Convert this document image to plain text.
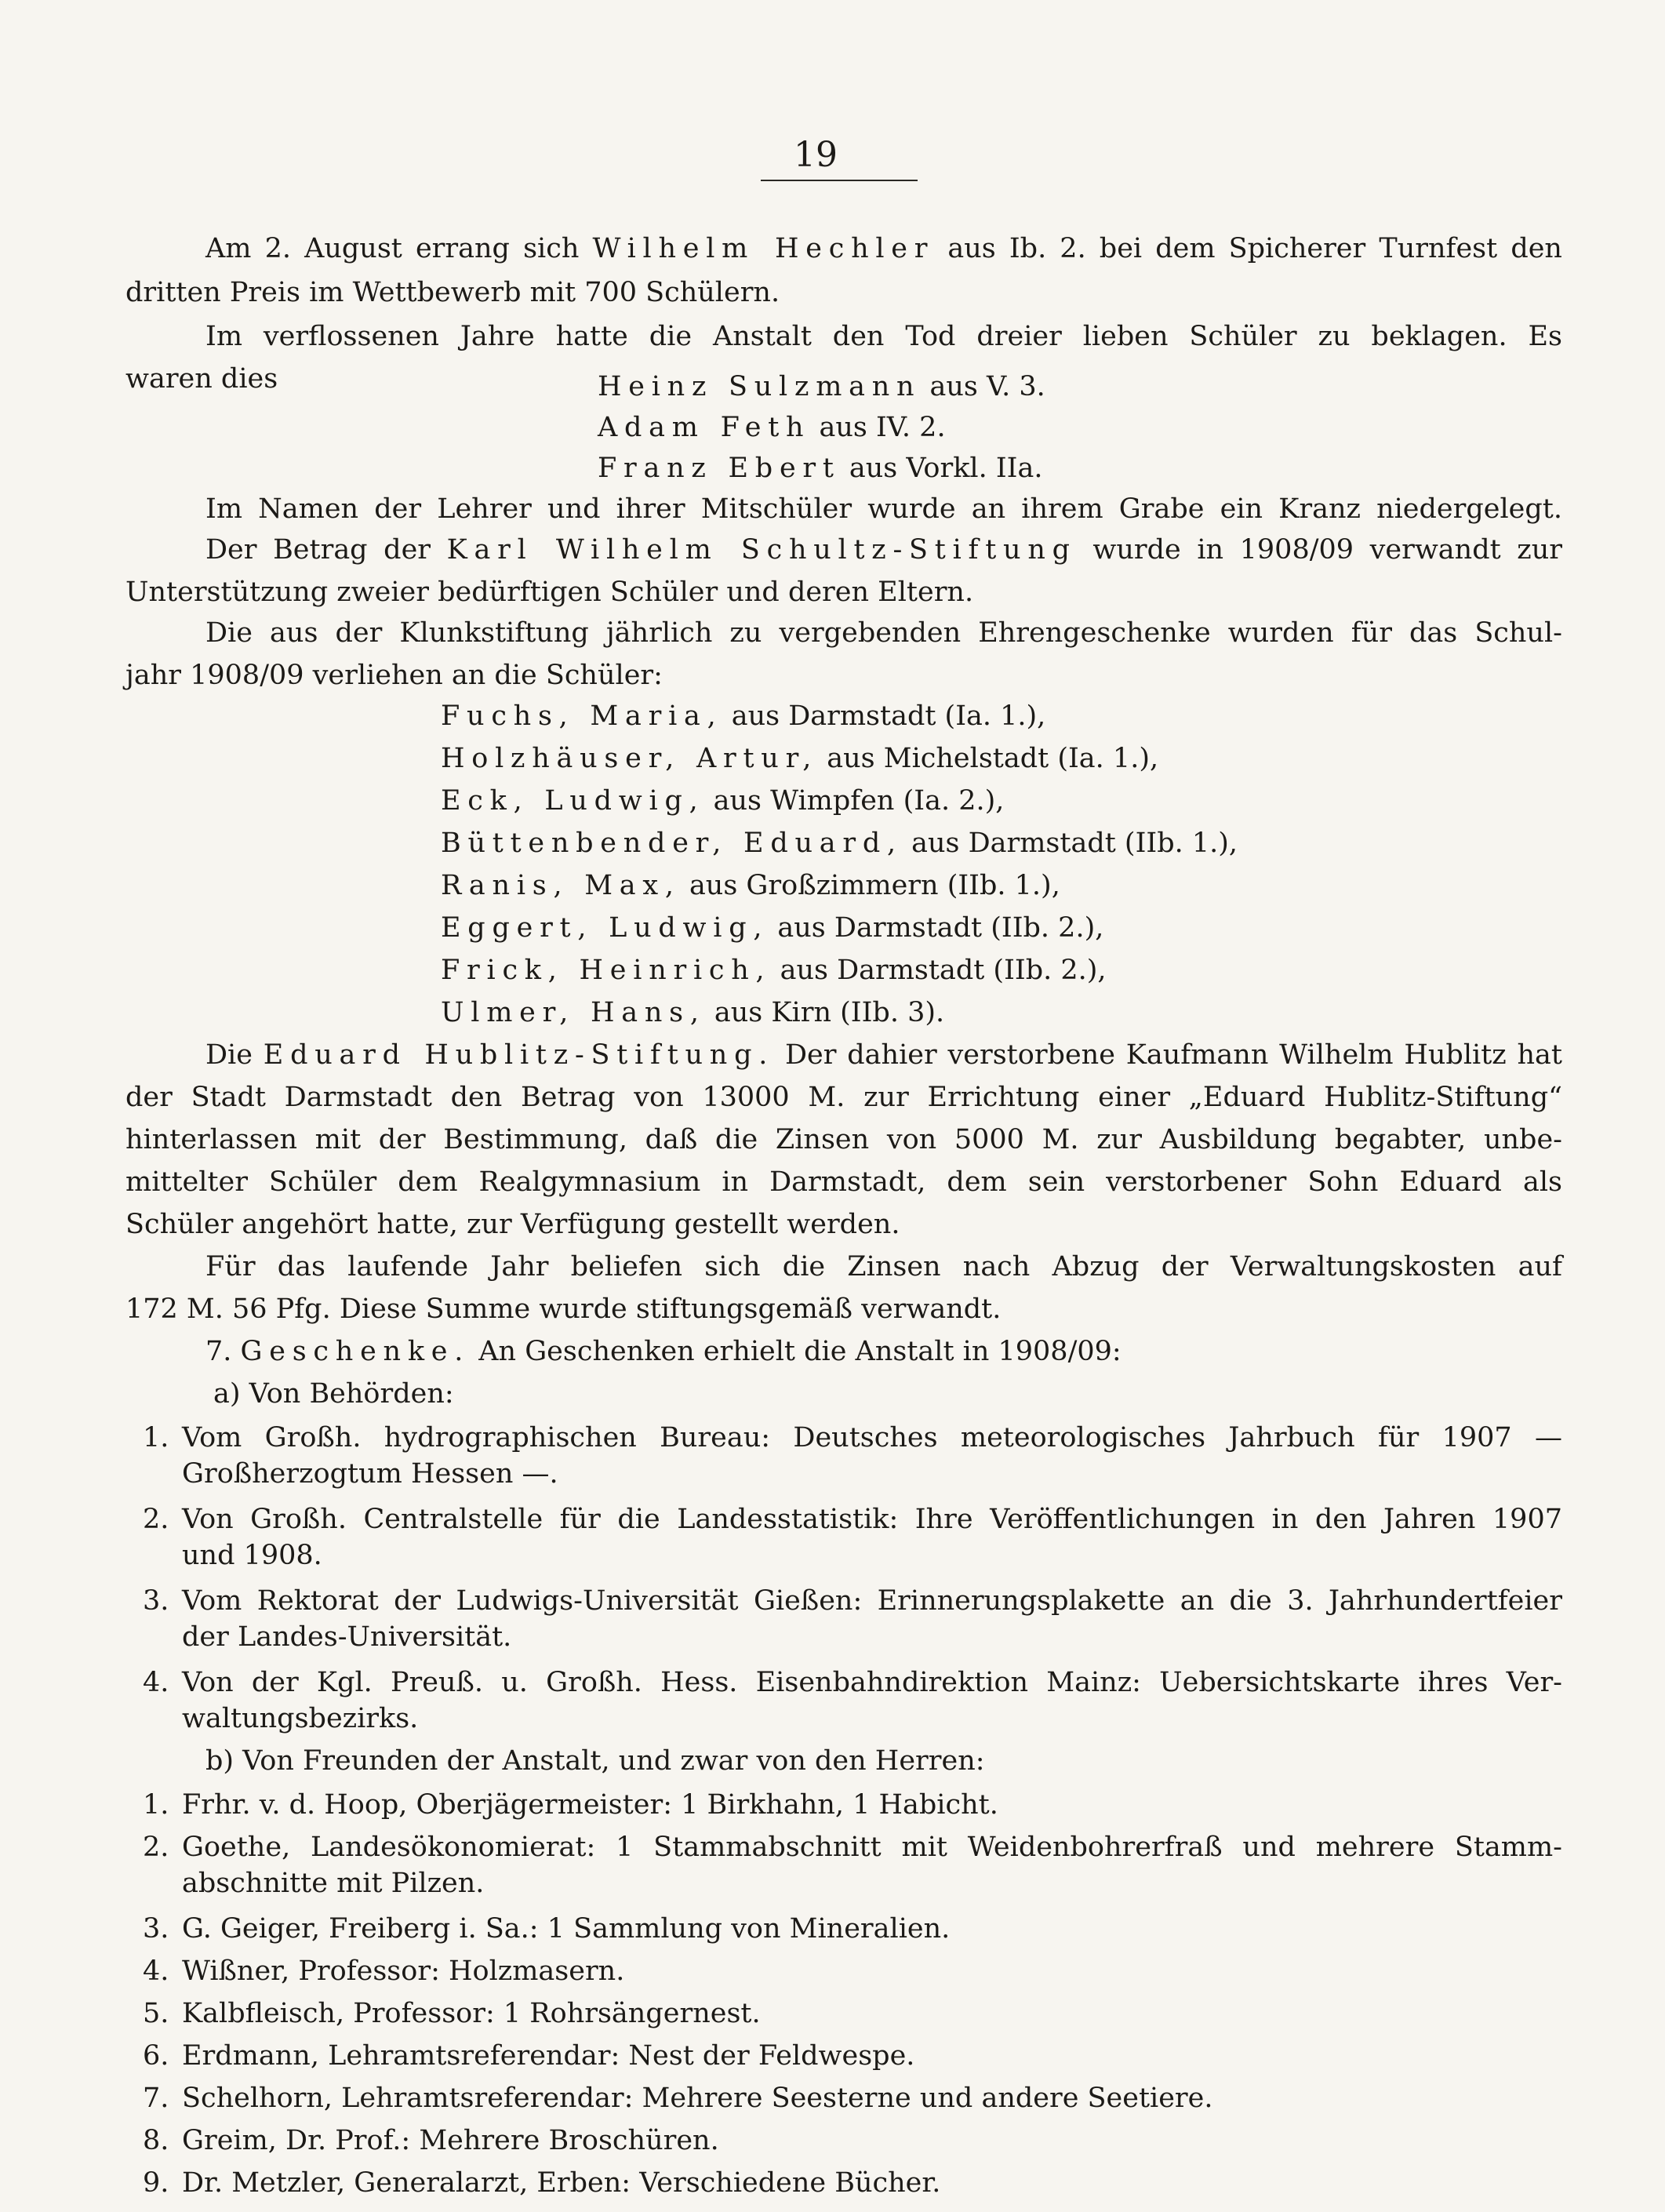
19

Am 2. August errang sich Wilhelm Hechler aus Ib. 2. bei dem Spicherer Turnfest den

dritten Preis im Wettbewerb mit 700 Schülern.

Im verflossenen Jahre hatte die Anstalt den Tod dreier lieben Schüler zu beklagen. Es

waren dies	Heinz Sulzmann aus V. 3.

Adam Feth aus IV. 2.

Franz Ebert aus Vorkl. IIa.

Im Namen der Lehrer und ihrer Mitschüler wurde an ihrem Grabe ein Kranz niedergelegt.

Der Betrag der Karl Wilhelm Schultz-Stiftung wurde in 1908/09 verwandt zur

Unterstützung zweier bedürftigen Schüler und deren Eltern.

Die aus der Klunkstiftung jährlich zu vergebenden Ehrengeschenke wurden für das Schul-

jahr 1908/09 verliehen an die Schüler:

Fuchs, Maria, aus Darmstadt (Ia. 1.),

Holzhäuser, Artur, aus Michelstadt (Ia. 1.),

Eck, Ludwig, aus Wimpfen (Ia. 2.),

Büttenbender, Eduard, aus Darmstadt (IIb. 1.),

Ranis, Max, aus Großzimmern (IIb. 1.),

Eggert, Ludwig, aus Darmstadt (IIb. 2.),

Frick, Heinrich, aus Darmstadt (IIb. 2.),

Ulmer, Hans, aus Kirn (IIb. 3).

Die Eduard Hublitz-Stiftung. Der dahier verstorbene Kaufmann Wilhelm Hublitz hat

der Stadt Darmstadt den Betrag von 13000 M. zur Errichtung einer „Eduard Hublitz-Stiftung“

hinterlassen mit der Bestimmung, daß die Zinsen von 5000 M. zur Ausbildung begabter, unbe-

mittelter Schüler dem Realgymnasium in Darmstadt, dem sein verstorbener Sohn Eduard als

Schüler angehört hatte, zur Verfügung gestellt werden.

Für das laufende Jahr beliefen sich die Zinsen nach Abzug der Verwaltungskosten auf

172 M. 56 Pfg. Diese Summe wurde stiftungsgemäß verwandt.

7. Geschenke. An Geschenken erhielt die Anstalt in 1908/09:

a) Von Behörden:

1. Vom Großh. hydrographischen Bureau: Deutsches meteorologisches Jahrbuch für 1907 —

Großherzogtum Hessen —.

2. Von Großh. Centralstelle für die Landesstatistik: Ihre Veröffentlichungen in den Jahren 1907

und 1908.

3. Vom Rektorat der Ludwigs-Universität Gießen: Erinnerungsplakette an die 3. Jahrhundertfeier

der Landes-Universität.

4. Von der Kgl. Preuß. u. Großh. Hess. Eisenbahndirektion Mainz: Uebersichtskarte ihres Ver-

waltungsbezirks.

b) Von Freunden der Anstalt, und zwar von den Herren:

1. Frhr. v. d. Hoop, Oberjägermeister: 1 Birkhahn, 1 Habicht.

2. Goethe, Landesökonomierat: 1 Stammabschnitt mit Weidenbohrerfraß und mehrere Stamm-

abschnitte mit Pilzen.

3. G. Geiger, Freiberg i. Sa.: 1 Sammlung von Mineralien.

4. Wißner, Professor: Holzmasern.

5. Kalbfleisch, Professor: 1 Rohrsängernest.

6. Erdmann, Lehramtsreferendar: Nest der Feldwespe.

7. Schelhorn, Lehramtsreferendar: Mehrere Seesterne und andere Seetiere.

8. Greim, Dr. Prof.: Mehrere Broschüren.

9. Dr. Metzler, Generalarzt, Erben: Verschiedene Bücher.
